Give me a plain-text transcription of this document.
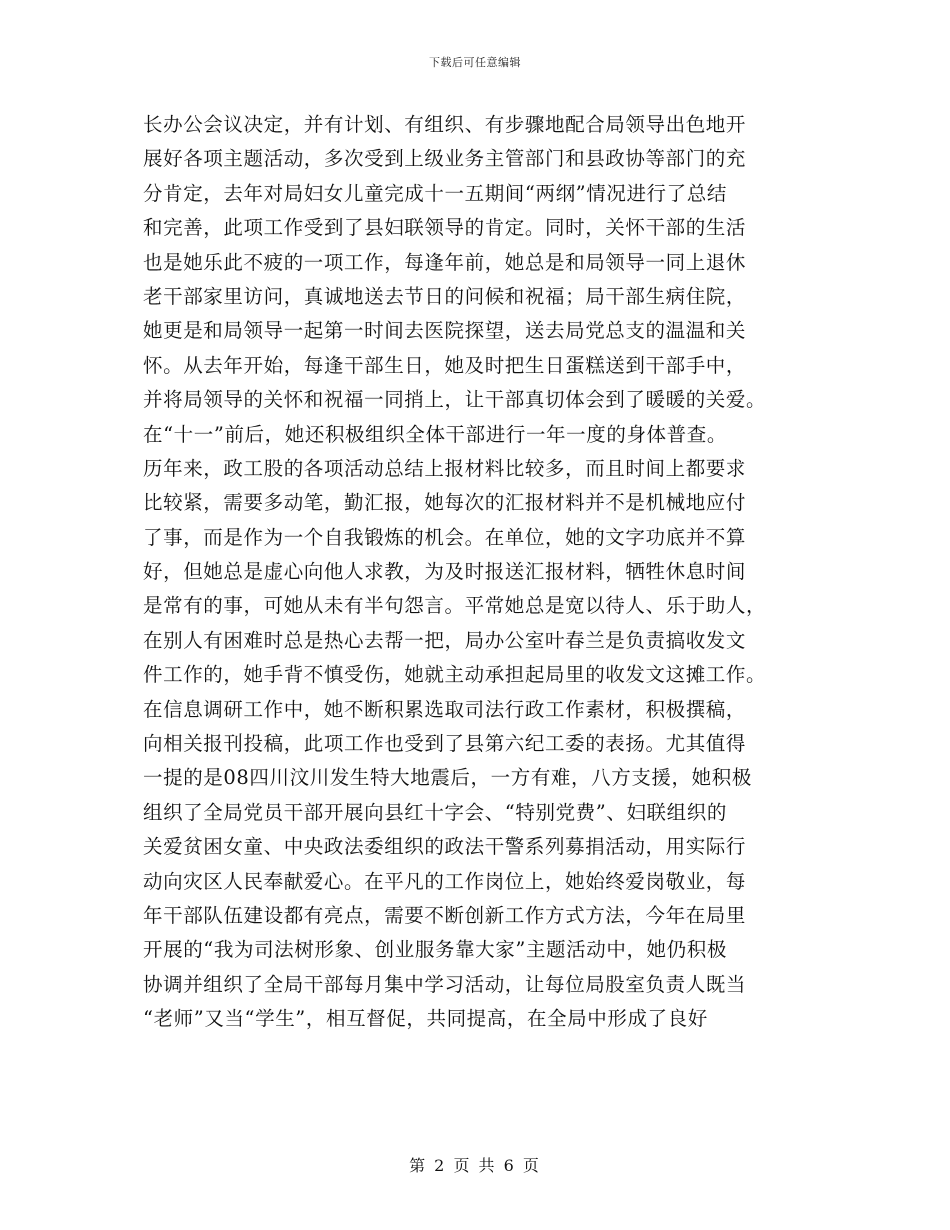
下载后可任意编辑
长办公会议决定，并有计划、有组织、有步骤地配合局领导出色地开
展好各项主题活动，多次受到上级业务主管部门和县政协等部门的充
分肯定，去年对局妇女儿童完成十一五期间“两纲”情况进行了总结
和完善，此项工作受到了县妇联领导的肯定。同时，关怀干部的生活
也是她乐此不疲的一项工作，每逢年前，她总是和局领导一同上退休
老干部家里访问，真诚地送去节日的问候和祝福；局干部生病住院，
她更是和局领导一起第一时间去医院探望，送去局党总支的温温和关
怀。从去年开始，每逢干部生日，她及时把生日蛋糕送到干部手中，
并将局领导的关怀和祝福一同捎上，让干部真切体会到了暖暖的关爱。
在“十一”前后，她还积极组织全体干部进行一年一度的身体普查。
历年来，政工股的各项活动总结上报材料比较多，而且时间上都要求
比较紧，需要多动笔，勤汇报，她每次的汇报材料并不是机械地应付
了事，而是作为一个自我锻炼的机会。在单位，她的文字功底并不算
好，但她总是虚心向他人求教，为及时报送汇报材料，牺牲休息时间
是常有的事，可她从未有半句怨言。平常她总是宽以待人、乐于助人，
在别人有困难时总是热心去帮一把，局办公室叶春兰是负责搞收发文
件工作的，她手背不慎受伤，她就主动承担起局里的收发文这摊工作。
在信息调研工作中，她不断积累选取司法行政工作素材，积极撰稿，
向相关报刊投稿，此项工作也受到了县第六纪工委的表扬。尤其值得
一提的是08四川汶川发生特大地震后，一方有难，八方支援，她积极
组织了全局党员干部开展向县红十字会、“特别党费”、妇联组织的
关爱贫困女童、中央政法委组织的政法干警系列募捐活动，用实际行
动向灾区人民奉献爱心。在平凡的工作岗位上，她始终爱岗敬业，每
年干部队伍建设都有亮点，需要不断创新工作方式方法，今年在局里
开展的“我为司法树形象、创业服务靠大家”主题活动中，她仍积极
协调并组织了全局干部每月集中学习活动，让每位局股室负责人既当
“老师”又当“学生”，相互督促，共同提高，在全局中形成了良好
第 2 页 共 6 页
